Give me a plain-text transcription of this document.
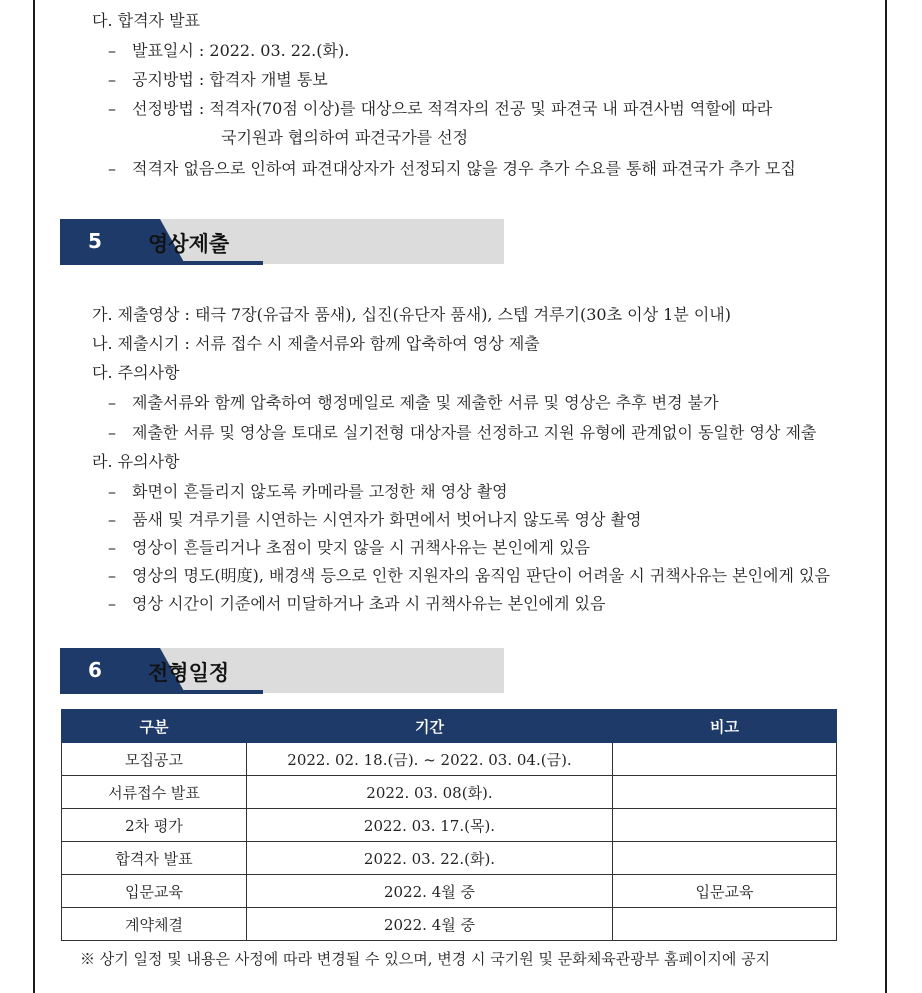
다. 합격자 발표
–	발표일시 : 2022. 03. 22.(화).
–	공지방법 : 합격자 개별 통보
–	선정방법 : 적격자(70점 이상)를 대상으로 적격자의 전공 및 파견국 내 파견사범 역할에 따라
국기원과 협의하여 파견국가를 선정
–	적격자 없음으로 인하여 파견대상자가 선정되지 않을 경우 추가 수요를 통해 파견국가 추가 모집
5 영상제출
가. 제출영상 : 태극 7장(유급자 품새), 십진(유단자 품새), 스텝 겨루기(30초 이상 1분 이내)
나. 제출시기 : 서류 접수 시 제출서류와 함께 압축하여 영상 제출
다. 주의사항
–	제출서류와 함께 압축하여 행정메일로 제출 및 제출한 서류 및 영상은 추후 변경 불가
–	제출한 서류 및 영상을 토대로 실기전형 대상자를 선정하고 지원 유형에 관계없이 동일한 영상 제출
라. 유의사항
–	화면이 흔들리지 않도록 카메라를 고정한 채 영상 촬영
–	품새 및 겨루기를 시연하는 시연자가 화면에서 벗어나지 않도록 영상 촬영
–	영상이 흔들리거나 초점이 맞지 않을 시 귀책사유는 본인에게 있음
–	영상의 명도(明度), 배경색 등으로 인한 지원자의 움직임 판단이 어려울 시 귀책사유는 본인에게 있음
–	영상 시간이 기준에서 미달하거나 초과 시 귀책사유는 본인에게 있음
6 전형일정
구분	기간	비고
모집공고	2022. 02. 18.(금). ~ 2022. 03. 04.(금).	
서류접수 발표	2022. 03. 08(화).	
2차 평가	2022. 03. 17.(목).	
합격자 발표	2022. 03. 22.(화).	
입문교육	2022. 4월 중	입문교육
계약체결	2022. 4월 중	
※ 상기 일정 및 내용은 사정에 따라 변경될 수 있으며, 변경 시 국기원 및 문화체육관광부 홈페이지에 공지
